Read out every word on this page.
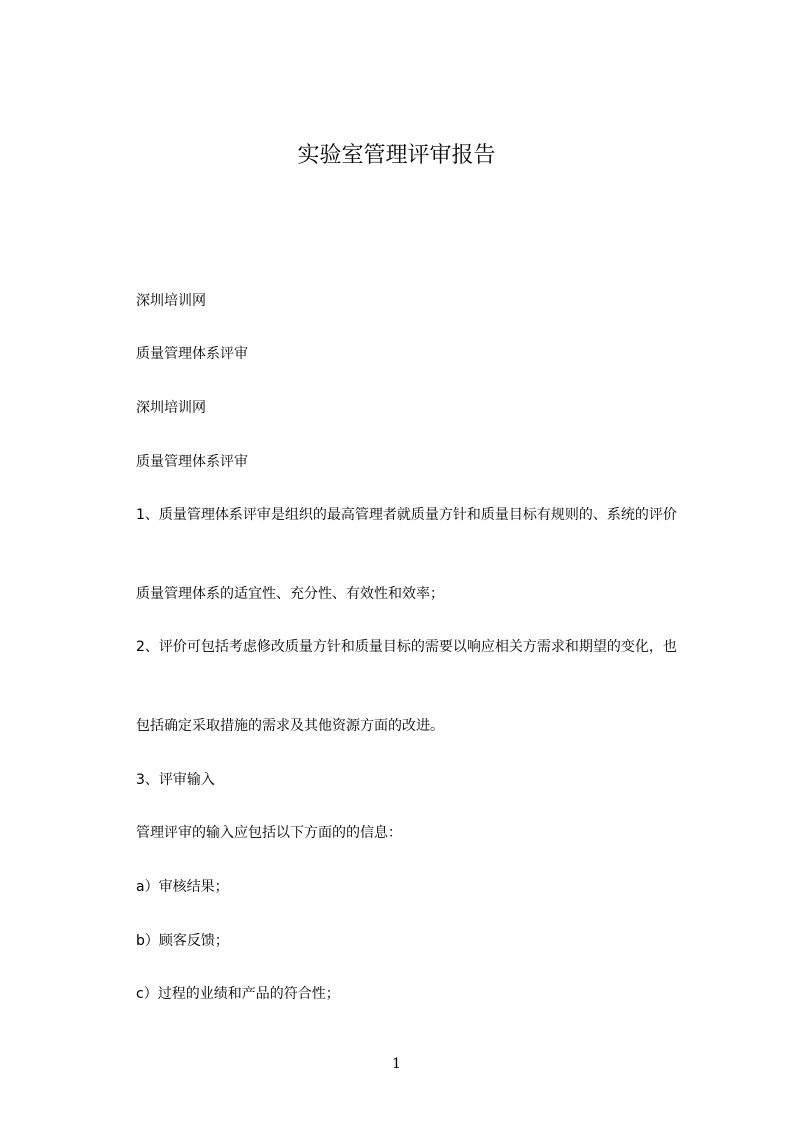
实验室管理评审报告

深圳培训网

质量管理体系评审

深圳培训网

质量管理体系评审

1、质量管理体系评审是组织的最高管理者就质量方针和质量目标有规则的、系统的评价

质量管理体系的适宜性、充分性、有效性和效率；

2、评价可包括考虑修改质量方针和质量目标的需要以响应相关方需求和期望的变化，也

包括确定采取措施的需求及其他资源方面的改进。

3、评审输入

管理评审的输入应包括以下方面的的信息：

a）审核结果；

b）顾客反馈；

c）过程的业绩和产品的符合性；

1
